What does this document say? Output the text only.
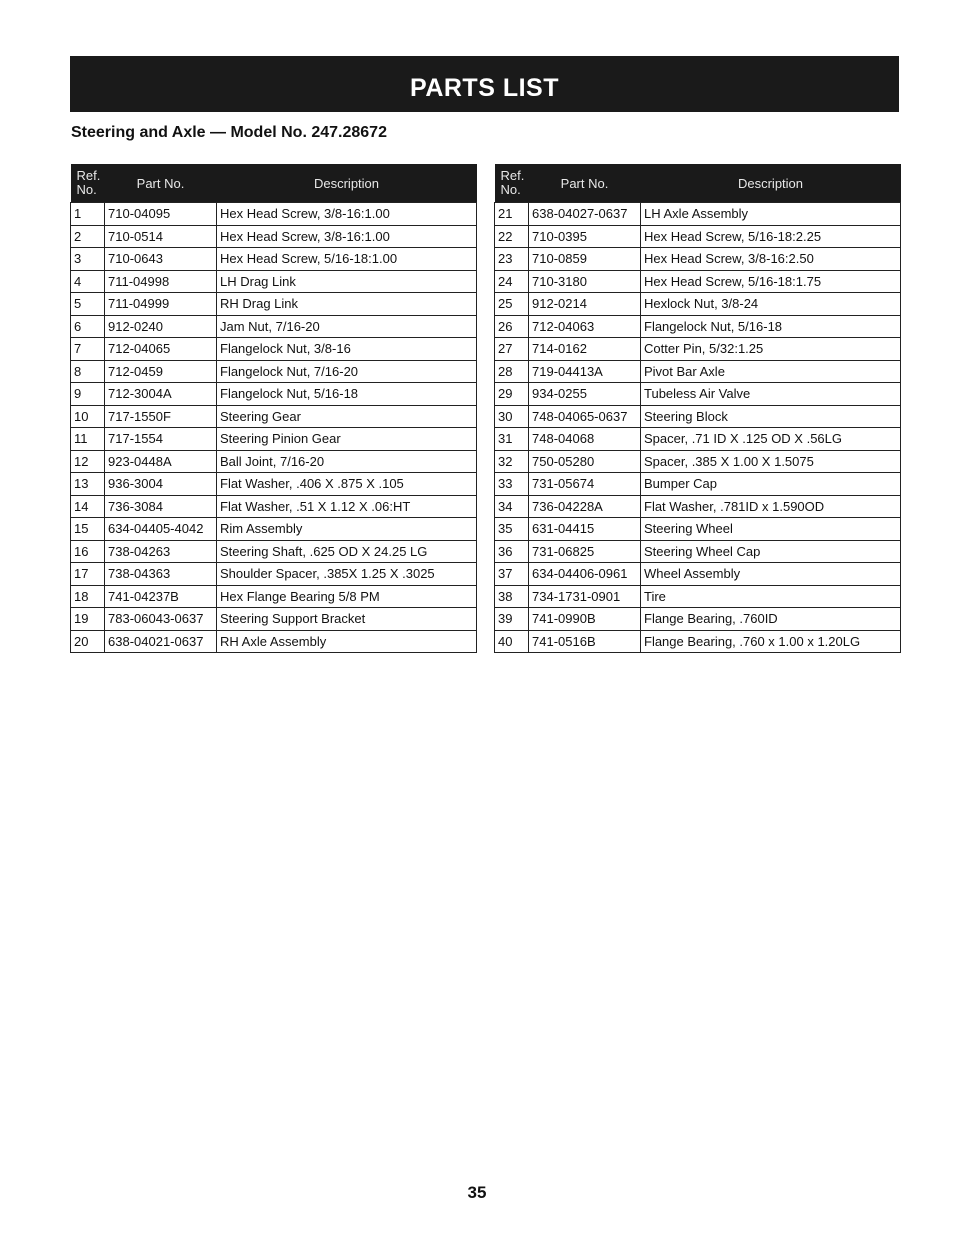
PARTS LIST
Steering and Axle — Model No. 247.28672
Ref.
No.	Part No.	Description
1	710-04095	Hex Head Screw, 3/8-16:1.00
2	710-0514	Hex Head Screw, 3/8-16:1.00
3	710-0643	Hex Head Screw, 5/16-18:1.00
4	711-04998	LH Drag Link
5	711-04999	RH Drag Link
6	912-0240	Jam Nut, 7/16-20
7	712-04065	Flangelock Nut, 3/8-16
8	712-0459	Flangelock Nut, 7/16-20
9	712-3004A	Flangelock Nut, 5/16-18
10	717-1550F	Steering Gear
11	717-1554	Steering Pinion Gear
12	923-0448A	Ball Joint, 7/16-20
13	936-3004	Flat Washer, .406 X .875 X .105
14	736-3084	Flat Washer, .51 X 1.12 X .06:HT
15	634-04405-4042	Rim Assembly
16	738-04263	Steering Shaft, .625 OD X 24.25 LG
17	738-04363	Shoulder Spacer, .385X 1.25 X .3025
18	741-04237B	Hex Flange Bearing 5/8 PM
19	783-06043-0637	Steering Support Bracket
20	638-04021-0637	RH Axle Assembly
Ref.
No.	Part No.	Description
21	638-04027-0637	LH Axle Assembly
22	710-0395	Hex Head Screw, 5/16-18:2.25
23	710-0859	Hex Head Screw, 3/8-16:2.50
24	710-3180	Hex Head Screw, 5/16-18:1.75
25	912-0214	Hexlock Nut, 3/8-24
26	712-04063	Flangelock Nut, 5/16-18
27	714-0162	Cotter Pin, 5/32:1.25
28	719-04413A	Pivot Bar Axle
29	934-0255	Tubeless Air Valve
30	748-04065-0637	Steering Block
31	748-04068	Spacer, .71 ID X .125 OD X .56LG
32	750-05280	Spacer, .385 X 1.00 X 1.5075
33	731-05674	Bumper Cap
34	736-04228A	Flat Washer, .781ID x 1.590OD
35	631-04415	Steering Wheel
36	731-06825	Steering Wheel Cap
37	634-04406-0961	Wheel Assembly
38	734-1731-0901	Tire
39	741-0990B	Flange Bearing, .760ID
40	741-0516B	Flange Bearing, .760 x 1.00 x 1.20LG
35
